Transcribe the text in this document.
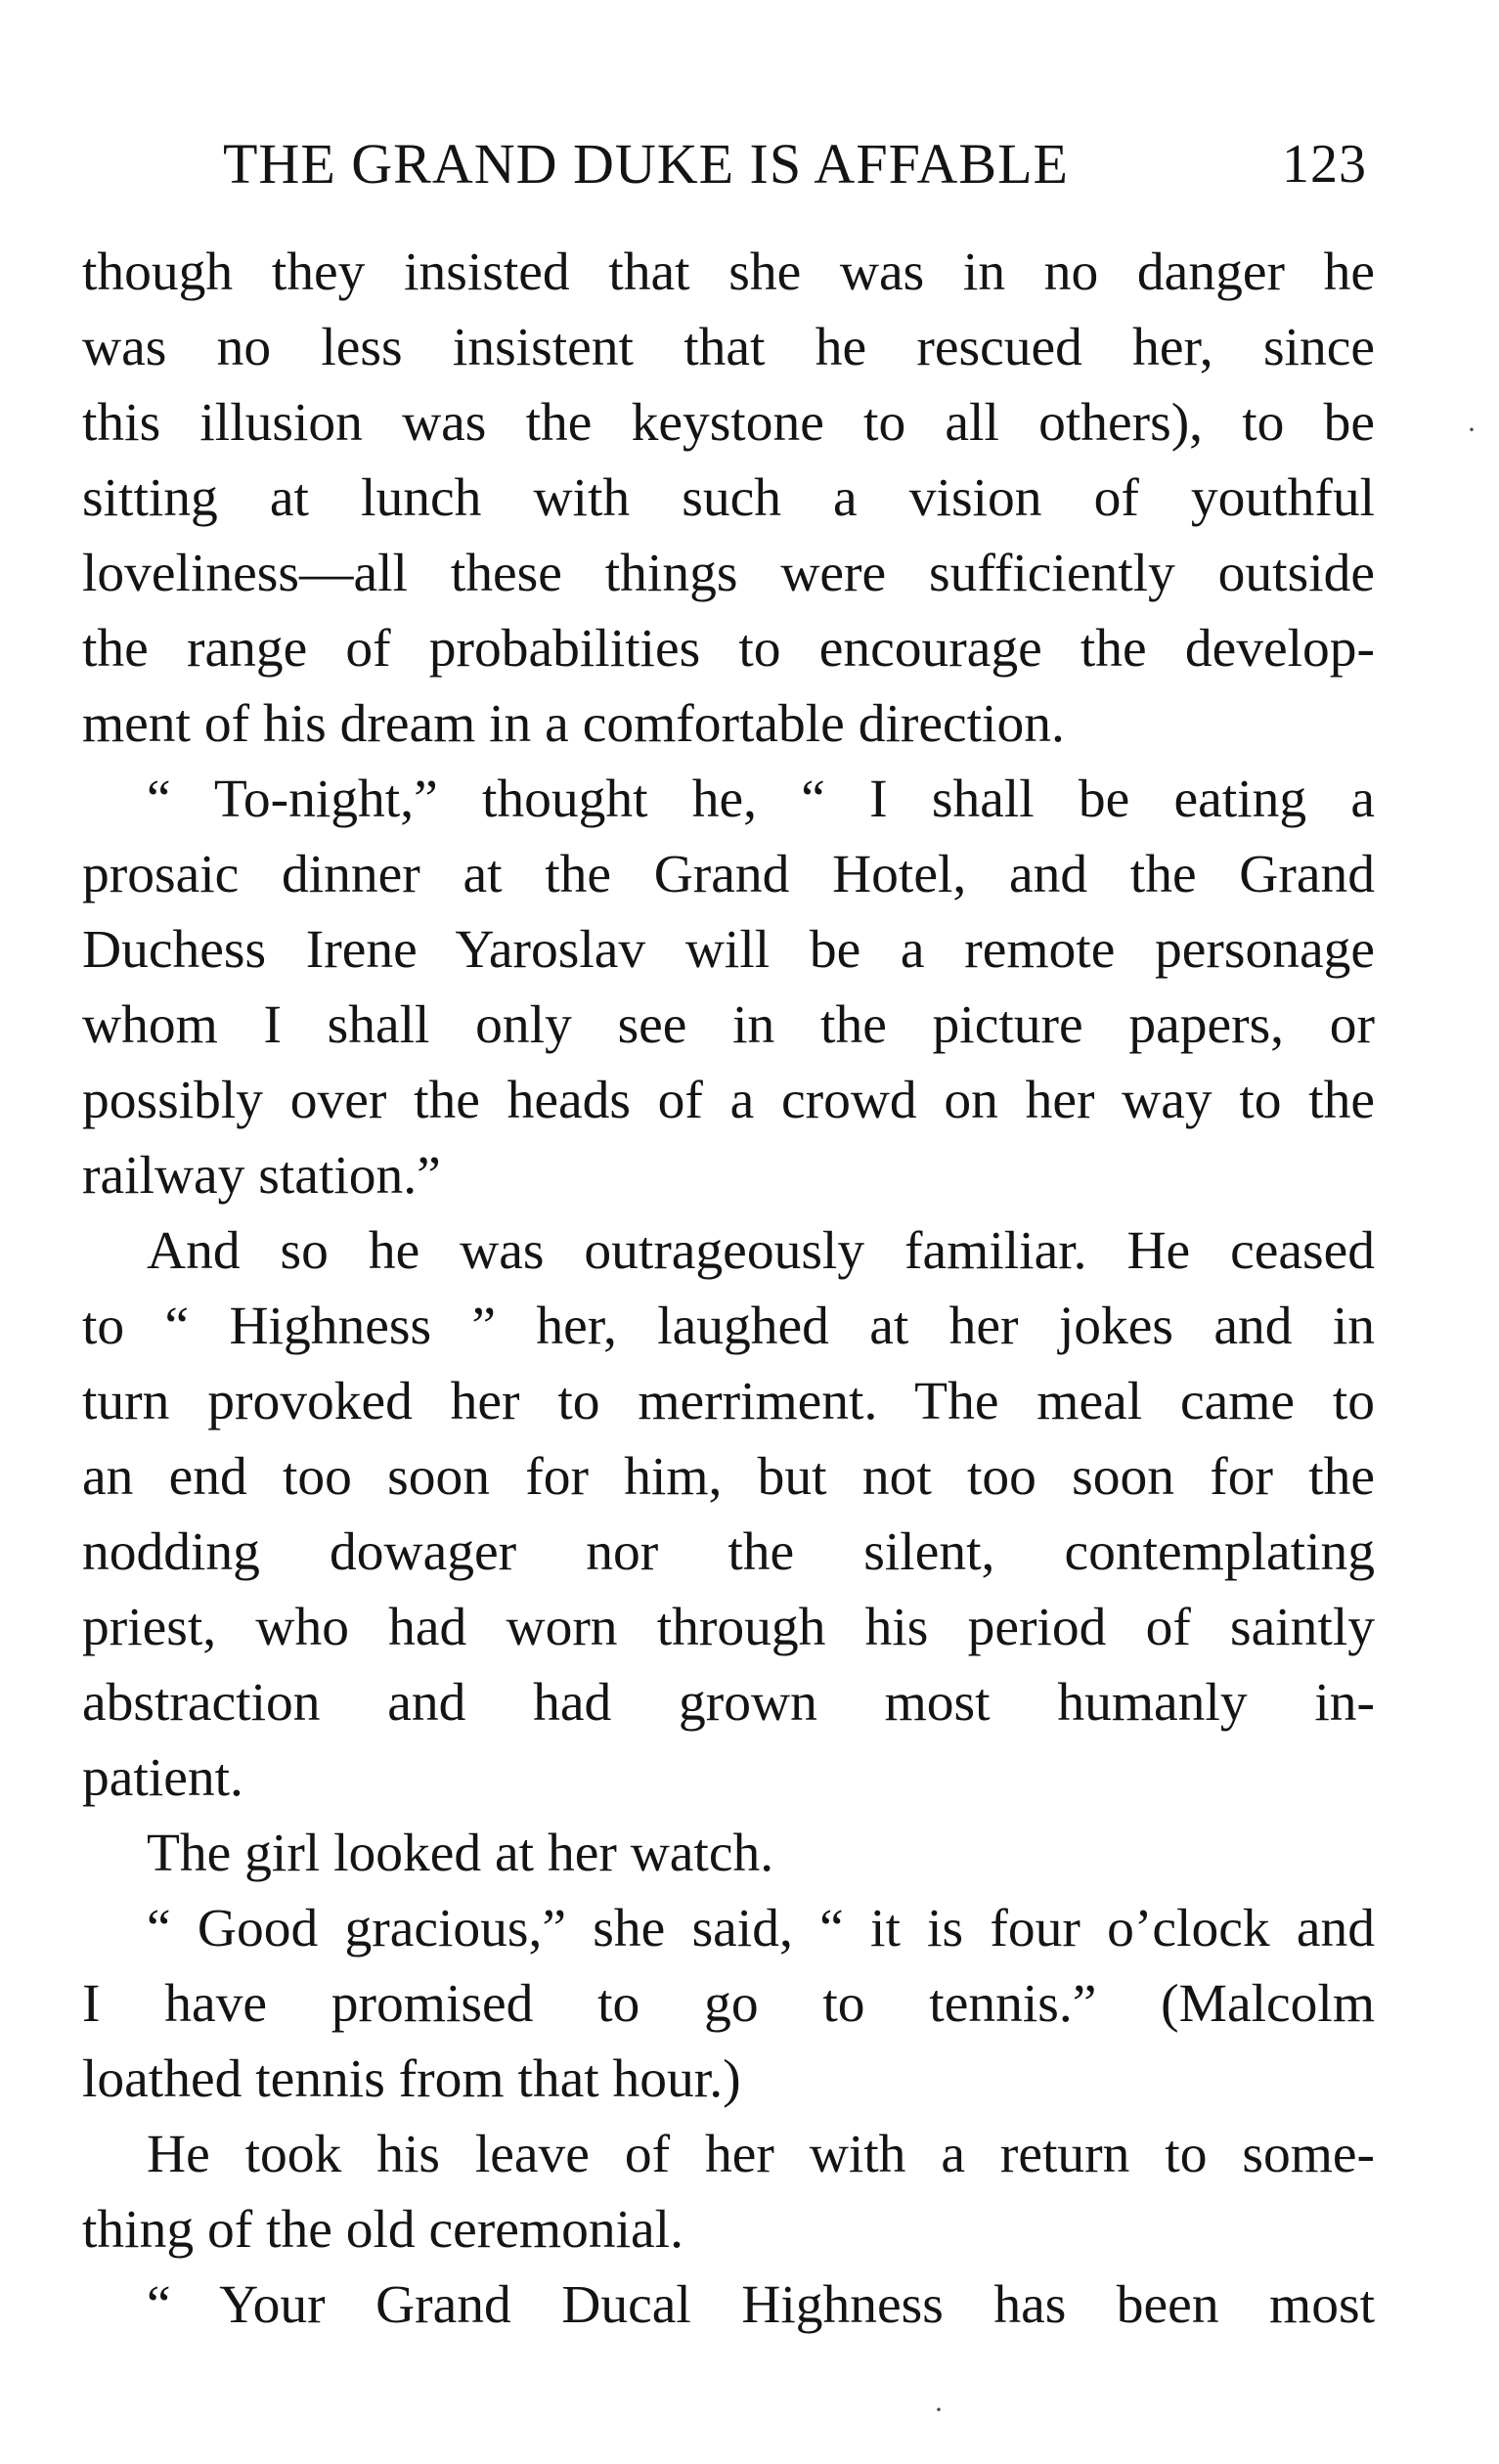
THE GRAND DUKE IS AFFABLE	123
though they insisted that she was in no danger he
was no less insistent that he rescued her, since
this illusion was the keystone to all others), to be
sitting at lunch with such a vision of youthful
loveliness—all these things were sufficiently outside
the range of probabilities to encourage the develop-
ment of his dream in a comfortable direction.
“ To-night,” thought he, “ I shall be eating a
prosaic dinner at the Grand Hotel, and the Grand
Duchess Irene Yaroslav will be a remote personage
whom I shall only see in the picture papers, or
possibly over the heads of a crowd on her way to the
railway station.”
And so he was outrageously familiar. He ceased
to “ Highness ” her, laughed at her jokes and in
turn provoked her to merriment. The meal came to
an end too soon for him, but not too soon for the
nodding dowager nor the silent, contemplating
priest, who had worn through his period of saintly
abstraction and had grown most humanly in-
patient.
The girl looked at her watch.
“ Good gracious,” she said, “ it is four o’clock and
I have promised to go to tennis.” (Malcolm
loathed tennis from that hour.)
He took his leave of her with a return to some-
thing of the old ceremonial.
“ Your Grand Ducal Highness has been most
·
·
